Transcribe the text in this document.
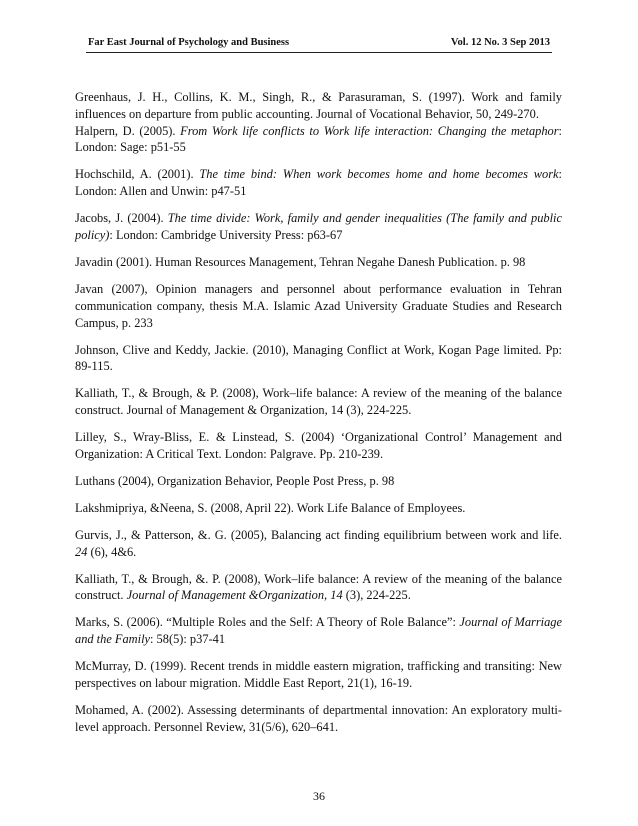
Far East Journal of Psychology and Business	Vol. 12 No. 3 Sep 2013

Greenhaus, J. H., Collins, K. M., Singh, R., & Parasuraman, S. (1997). Work and family influences on departure from public accounting. Journal of Vocational Behavior, 50, 249-270.

Halpern, D. (2005). From Work life conflicts to Work life interaction: Changing the metaphor: London: Sage: p51-55

Hochschild, A. (2001). The time bind: When work becomes home and home becomes work: London: Allen and Unwin: p47-51

Jacobs, J. (2004). The time divide: Work, family and gender inequalities (The family and public policy): London: Cambridge University Press: p63-67

Javadin (2001). Human Resources Management, Tehran Negahe Danesh Publication. p. 98

Javan (2007), Opinion managers and personnel about performance evaluation in Tehran communication company, thesis M.A. Islamic Azad University Graduate Studies and Research Campus, p. 233

Johnson, Clive and Keddy, Jackie. (2010), Managing Conflict at Work, Kogan Page limited. Pp: 89-115.

Kalliath, T., & Brough, & P. (2008), Work–life balance: A review of the meaning of the balance construct. Journal of Management & Organization, 14 (3), 224-225.

Lilley, S., Wray-Bliss, E. & Linstead, S. (2004) ‘Organizational Control’ Management and Organization: A Critical Text. London: Palgrave. Pp. 210-239.

Luthans (2004), Organization Behavior, People Post Press, p. 98

Lakshmipriya, &Neena, S. (2008, April 22). Work Life Balance of Employees.

Gurvis, J., & Patterson, &. G. (2005), Balancing act finding equilibrium between work and life. 24 (6), 4&6.

Kalliath, T., & Brough, &. P. (2008), Work–life balance: A review of the meaning of the balance construct. Journal of Management &Organization, 14 (3), 224-225.

Marks, S. (2006). “Multiple Roles and the Self: A Theory of Role Balance”: Journal of Marriage and the Family: 58(5): p37-41

McMurray, D. (1999). Recent trends in middle eastern migration, trafficking and transiting: New perspectives on labour migration. Middle East Report, 21(1), 16-19.

Mohamed, A. (2002). Assessing determinants of departmental innovation: An exploratory multi-level approach. Personnel Review, 31(5/6), 620–641.

36
